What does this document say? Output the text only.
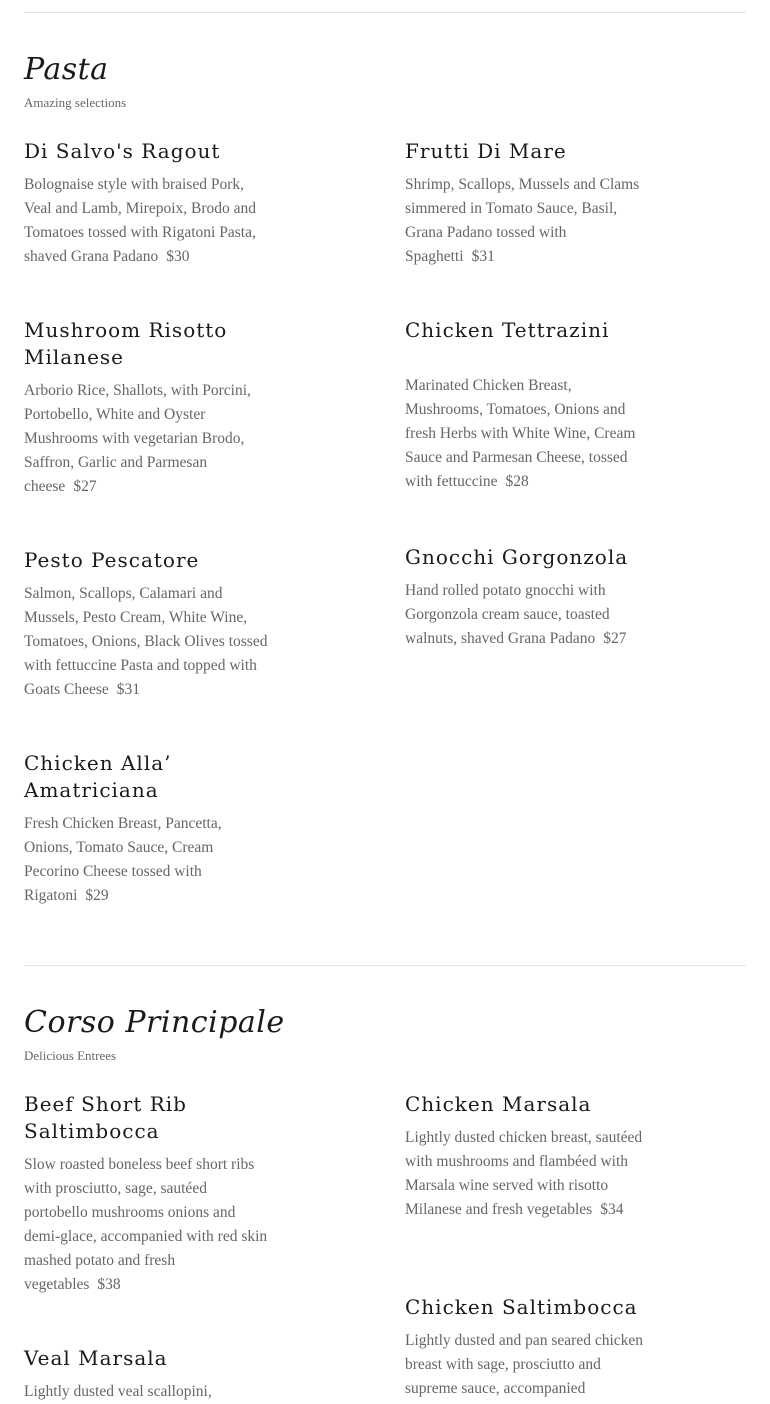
Pasta

Amazing selections

Di Salvo's Ragout

Bolognaise style with braised Pork, Veal and Lamb, Mirepoix, Brodo and Tomatoes tossed with Rigatoni Pasta, shaved Grana Padano $30

Frutti Di Mare

Shrimp, Scallops, Mussels and Clams simmered in Tomato Sauce, Basil, Grana Padano tossed with Spaghetti $31

Mushroom Risotto Milanese

Arborio Rice, Shallots, with Porcini, Portobello, White and Oyster Mushrooms with vegetarian Brodo, Saffron, Garlic and Parmesan cheese $27

Chicken Tettrazini

Marinated Chicken Breast, Mushrooms, Tomatoes, Onions and fresh Herbs with White Wine, Cream Sauce and Parmesan Cheese, tossed with fettuccine $28

Pesto Pescatore

Salmon, Scallops, Calamari and Mussels, Pesto Cream, White Wine, Tomatoes, Onions, Black Olives tossed with fettuccine Pasta and topped with Goats Cheese $31

Gnocchi Gorgonzola

Hand rolled potato gnocchi with Gorgonzola cream sauce, toasted walnuts, shaved Grana Padano $27

Chicken Alla’ Amatriciana

Fresh Chicken Breast, Pancetta, Onions, Tomato Sauce, Cream Pecorino Cheese tossed with Rigatoni $29

Corso Principale

Delicious Entrees

Beef Short Rib Saltimbocca

Slow roasted boneless beef short ribs with prosciutto, sage, sautéed portobello mushrooms onions and demi-glace, accompanied with red skin mashed potato and fresh vegetables $38

Chicken Marsala

Lightly dusted chicken breast, sautéed with mushrooms and flambéed with Marsala wine served with risotto Milanese and fresh vegetables $34

Chicken Saltimbocca

Lightly dusted and pan seared chicken breast with sage, prosciutto and supreme sauce, accompanied

Veal Marsala

Lightly dusted veal scallopini,
